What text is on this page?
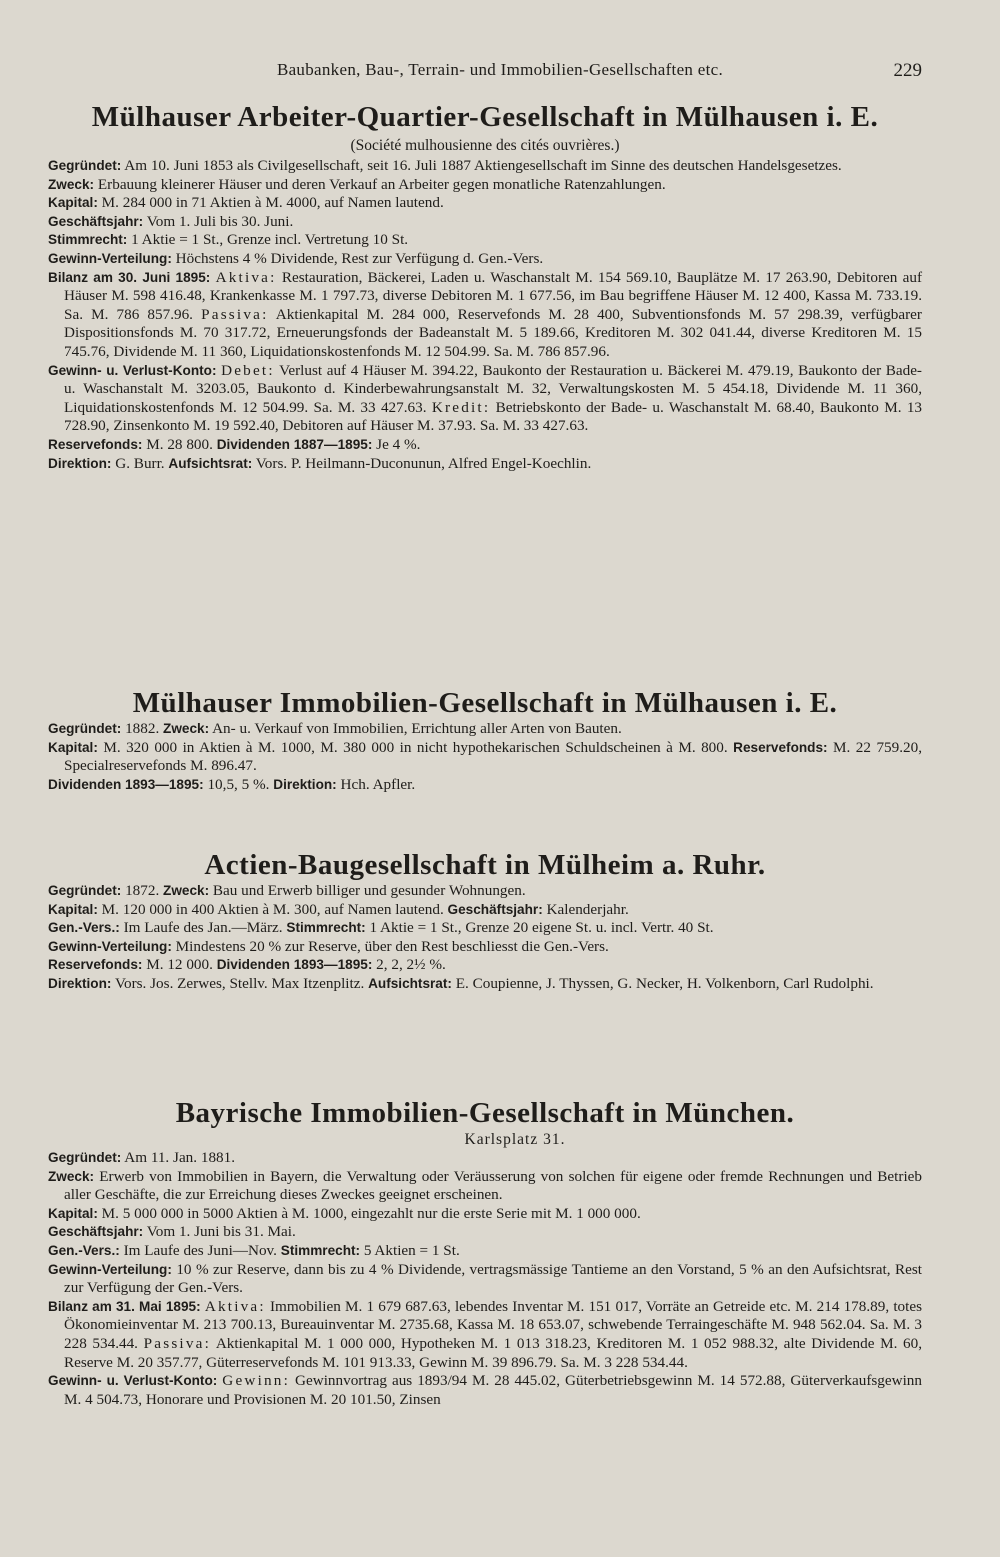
Baubanken, Bau-, Terrain- und Immobilien-Gesellschaften etc.	229
Mülhauser Arbeiter-Quartier-Gesellschaft in Mülhausen i. E.
(Société mulhousienne des cités ouvrières.)

Gegründet: Am 10. Juni 1853 als Civilgesellschaft, seit 16. Juli 1887 Aktiengesellschaft im Sinne des deutschen Handelsgesetzes.

Zweck: Erbauung kleinerer Häuser und deren Verkauf an Arbeiter gegen monatliche Ratenzahlungen.

Kapital: M. 284 000 in 71 Aktien à M. 4000, auf Namen lautend.

Geschäftsjahr: Vom 1. Juli bis 30. Juni.

Stimmrecht: 1 Aktie = 1 St., Grenze incl. Vertretung 10 St.

Gewinn-Verteilung: Höchstens 4 % Dividende, Rest zur Verfügung d. Gen.-Vers.

Bilanz am 30. Juni 1895: Aktiva: Restauration, Bäckerei, Laden u. Waschanstalt M. 154 569.10, Bauplätze M. 17 263.90, Debitoren auf Häuser M. 598 416.48, Krankenkasse M. 1 797.73, diverse Debitoren M. 1 677.56, im Bau begriffene Häuser M. 12 400, Kassa M. 733.19. Sa. M. 786 857.96. Passiva: Aktienkapital M. 284 000, Reservefonds M. 28 400, Subventionsfonds M. 57 298.39, verfügbarer Dispositionsfonds M. 70 317.72, Erneuerungsfonds der Badeanstalt M. 5 189.66, Kreditoren M. 302 041.44, diverse Kreditoren M. 15 745.76, Dividende M. 11 360, Liquidationskostenfonds M. 12 504.99. Sa. M. 786 857.96.

Gewinn- u. Verlust-Konto: Debet: Verlust auf 4 Häuser M. 394.22, Baukonto der Restauration u. Bäckerei M. 479.19, Baukonto der Bade- u. Waschanstalt M. 3203.05, Baukonto d. Kinderbewahrungsanstalt M. 32, Verwaltungskosten M. 5 454.18, Dividende M. 11 360, Liquidationskostenfonds M. 12 504.99. Sa. M. 33 427.63. Kredit: Betriebskonto der Bade- u. Waschanstalt M. 68.40, Baukonto M. 13 728.90, Zinsenkonto M. 19 592.40, Debitoren auf Häuser M. 37.93. Sa. M. 33 427.63.

Reservefonds: M. 28 800. Dividenden 1887—1895: Je 4 %.

Direktion: G. Burr. Aufsichtsrat: Vors. P. Heilmann-Duconunun, Alfred Engel-Koechlin.

Mülhauser Immobilien-Gesellschaft in Mülhausen i. E.

Gegründet: 1882. Zweck: An- u. Verkauf von Immobilien, Errichtung aller Arten von Bauten.

Kapital: M. 320 000 in Aktien à M. 1000, M. 380 000 in nicht hypothekarischen Schuldscheinen à M. 800. Reservefonds: M. 22 759.20, Specialreservefonds M. 896.47.

Dividenden 1893—1895: 10,5, 5 %. Direktion: Hch. Apfler.

Actien-Baugesellschaft in Mülheim a. Ruhr.

Gegründet: 1872. Zweck: Bau und Erwerb billiger und gesunder Wohnungen.

Kapital: M. 120 000 in 400 Aktien à M. 300, auf Namen lautend. Geschäftsjahr: Kalenderjahr.

Gen.-Vers.: Im Laufe des Jan.—März. Stimmrecht: 1 Aktie = 1 St., Grenze 20 eigene St. u. incl. Vertr. 40 St.

Gewinn-Verteilung: Mindestens 20 % zur Reserve, über den Rest beschliesst die Gen.-Vers.

Reservefonds: M. 12 000. Dividenden 1893—1895: 2, 2, 2½ %.

Direktion: Vors. Jos. Zerwes, Stellv. Max Itzenplitz. Aufsichtsrat: E. Coupienne, J. Thyssen, G. Necker, H. Volkenborn, Carl Rudolphi.

Bayrische Immobilien-Gesellschaft in München.
Karlsplatz 31.

Gegründet: Am 11. Jan. 1881.

Zweck: Erwerb von Immobilien in Bayern, die Verwaltung oder Veräusserung von solchen für eigene oder fremde Rechnungen und Betrieb aller Geschäfte, die zur Erreichung dieses Zweckes geeignet erscheinen.

Kapital: M. 5 000 000 in 5000 Aktien à M. 1000, eingezahlt nur die erste Serie mit M. 1 000 000.

Geschäftsjahr: Vom 1. Juni bis 31. Mai.

Gen.-Vers.: Im Laufe des Juni—Nov. Stimmrecht: 5 Aktien = 1 St.

Gewinn-Verteilung: 10 % zur Reserve, dann bis zu 4 % Dividende, vertragsmässige Tantieme an den Vorstand, 5 % an den Aufsichtsrat, Rest zur Verfügung der Gen.-Vers.

Bilanz am 31. Mai 1895: Aktiva: Immobilien M. 1 679 687.63, lebendes Inventar M. 151 017, Vorräte an Getreide etc. M. 214 178.89, totes Ökonomieinventar M. 213 700.13, Bureauinventar M. 2735.68, Kassa M. 18 653.07, schwebende Terraingeschäfte M. 948 562.04. Sa. M. 3 228 534.44. Passiva: Aktienkapital M. 1 000 000, Hypotheken M. 1 013 318.23, Kreditoren M. 1 052 988.32, alte Dividende M. 60, Reserve M. 20 357.77, Güterreservefonds M. 101 913.33, Gewinn M. 39 896.79. Sa. M. 3 228 534.44.

Gewinn- u. Verlust-Konto: Gewinn: Gewinnvortrag aus 1893/94 M. 28 445.02, Güterbetriebsgewinn M. 14 572.88, Güterverkaufsgewinn M. 4 504.73, Honorare und Provisionen M. 20 101.50, Zinsen
